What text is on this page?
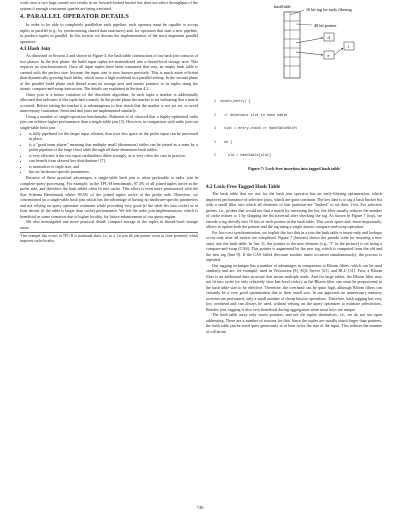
work once a two bags owned row results in an forward-looked bucket but does not affect throughput of the system if enough concurrent queries are being executed.

4. PARALLEL OPERATOR DETAILS

In order to be able to completely parallelize each pipeline, each operator must be capable to accept tuples in parallel (e.g., by synchronizing shared data structures) and, for operators that start a new pipeline, to produce tuples in parallel. In this section we discuss the implementation of the most important parallel operators.

4.1 Hash Join

As discussed in Section 2 and shown in Figure 3, the hash table construction of our hash join consists of two phases. In the first phase, the build input tuples are materialized into a thread-local storage area. This requires no synchronization. Once all input tuples have been consumed that way, an empty hash table is created with the perfect size, because the input size is now known precisely. This is much more efficient than dynamically growing hash tables, which incur a high overhead in a parallel setting. In the second phase of the parallel build phase each thread scans its storage area and inserts pointers to its tuples using the atomic compare-and-swap instruction. The details are explained in Section 4.2.

Outer join is a minor variation of the described algorithm. In each tuple a marker is additionally allocated that indicates if this tuple had a match. In the probe phase the marker is set indicating that a match occurred. Before setting the marker it is advantageous to first check that the marker is not yet set, to avoid unnecessary contention. Semi and anti joins are implemented similarly.

Using a number of single-operation benchmarks, Balkesen et al. showed that a highly-optimized radix join can achieve higher performance than a single-table join [5]. However, in comparison with radix join our single-table hash join

• is fully pipelined for the larger input relation, thus uses less space as the probe input can be processed in place,
• is a "good team player" meaning that multiple small (dimension) tables can be joined as a team by a probe pipeline of the large (fact) table through all these dimension hash tables,
• is very efficient if the two input cardinalities differ strongly, as is very often the case in practice,
• can benefit from skewed key distributions¹ [7],
• is insensitive to tuple size, and
• has no hardware-specific parameters.

Because of these practical advantages, a single-table hash join is often preferable to radix join in complete query processing. For example, in the TPC-H benchmark, 97.4% of all joined tuples arrive at the probe side, and therefore the hash tables often fit into cache. This effect is even more pronounced with the Star Schema Benchmark where 99.5% of the joined tuples arrive at the probe side. Therefore, we concentrated on a single-table hash join which has the advantage of having no hardware-specific parameters and not relying on query optimizer estimates while providing very good (if the table fits into cache) or at least decent (if the table is larger than cache) performance. We left the radix join implementation, which is beneficial in some scenarios due to higher locality, for future enhancement of our query engine.

We also investigated one more practical detail: compact storage of the tuples in thread-local storage areas.

¹One example that occurs in TPC-H is positional skew, i.e., in a 1:n join all join partner occur in close proximity which improves cache locality.
hashTable
16 bit tag for early filtering
48 bit pointer
d
e
f

1	insert(entry) {

2	// determine slot in hash table

3	slot = entry->hash >> hashTableShift

4	do {

5	old = hashTable[slot]

Figure 7: Lock-free insertion into tagged hash table
4.2 Lock-Free Tagged Hash Table

The hash table that we use for the hash join operator has an early-filtering optimization, which improves performance of selective joins, which are quite common. The key idea is to tag a hash bucket list with a small filter into which all elements of that partition are "hashed" to set their 1-bit. For selective probes, i.e., probes that would not find a match by traversing the list, the filter usually reduces the number of cache misses to 1 by skipping the list traversal after checking the tag. As shown in Figure 7 (top), we encode a tag directly into 16 bits of each pointer in the hash table. This saves space and, more importantly, allows to update both the pointer and the tag using a single atomic compare-and-swap operation.

For low-cost synchronization, we exploit the fact that in a join the hash table is insert-only and lookups occur only after all inserts are completed. Figure 7 (bottom) shows the pseudo code for inserting a new entry into the hash table. In line 11, the pointer to the new element (e.g., "f" in the picture) is set using a compare-and-swap (CAS). This pointer is augmented by the new tag, which is computed from the old and the new tag (line 9). If the CAS failed (because another insert occurred simultaneously), the process is repeated.

Our tagging technique has a number of advantages in comparison to Bloom filters, which can be used similarly and are, for example, used in Vectorwise [8], SQL Server [21], and BLU [31]. First, a Bloom filter is an additional data structure that incurs multiple reads. And for large tables, the Bloom filter may not fit into cache (or only relatively slow last-level cache), as the Bloom filter size must be proportional to the hash table size to be effective. Therefore, the overhead can be quite high, although Bloom filters can certainly be a very good optimization due to their small size. In our approach no unnecessary memory accesses are performed, only a small number of cheap bitwise operations. Therefore, hash tagging has very low overhead and can always be used, without relying on the query optimizer to estimate selectivities. Besides join, tagging is also very beneficial during aggregation when most keys are unique.

The hash table array only stores pointers, and not the tuples themselves, i.e., we do not use open addressing. There are a number of reasons for this: Since the tuples are usually much larger than pointers, the hash table can be sized quite generously to at least twice the size of the input. This reduces the number of collisions

749
